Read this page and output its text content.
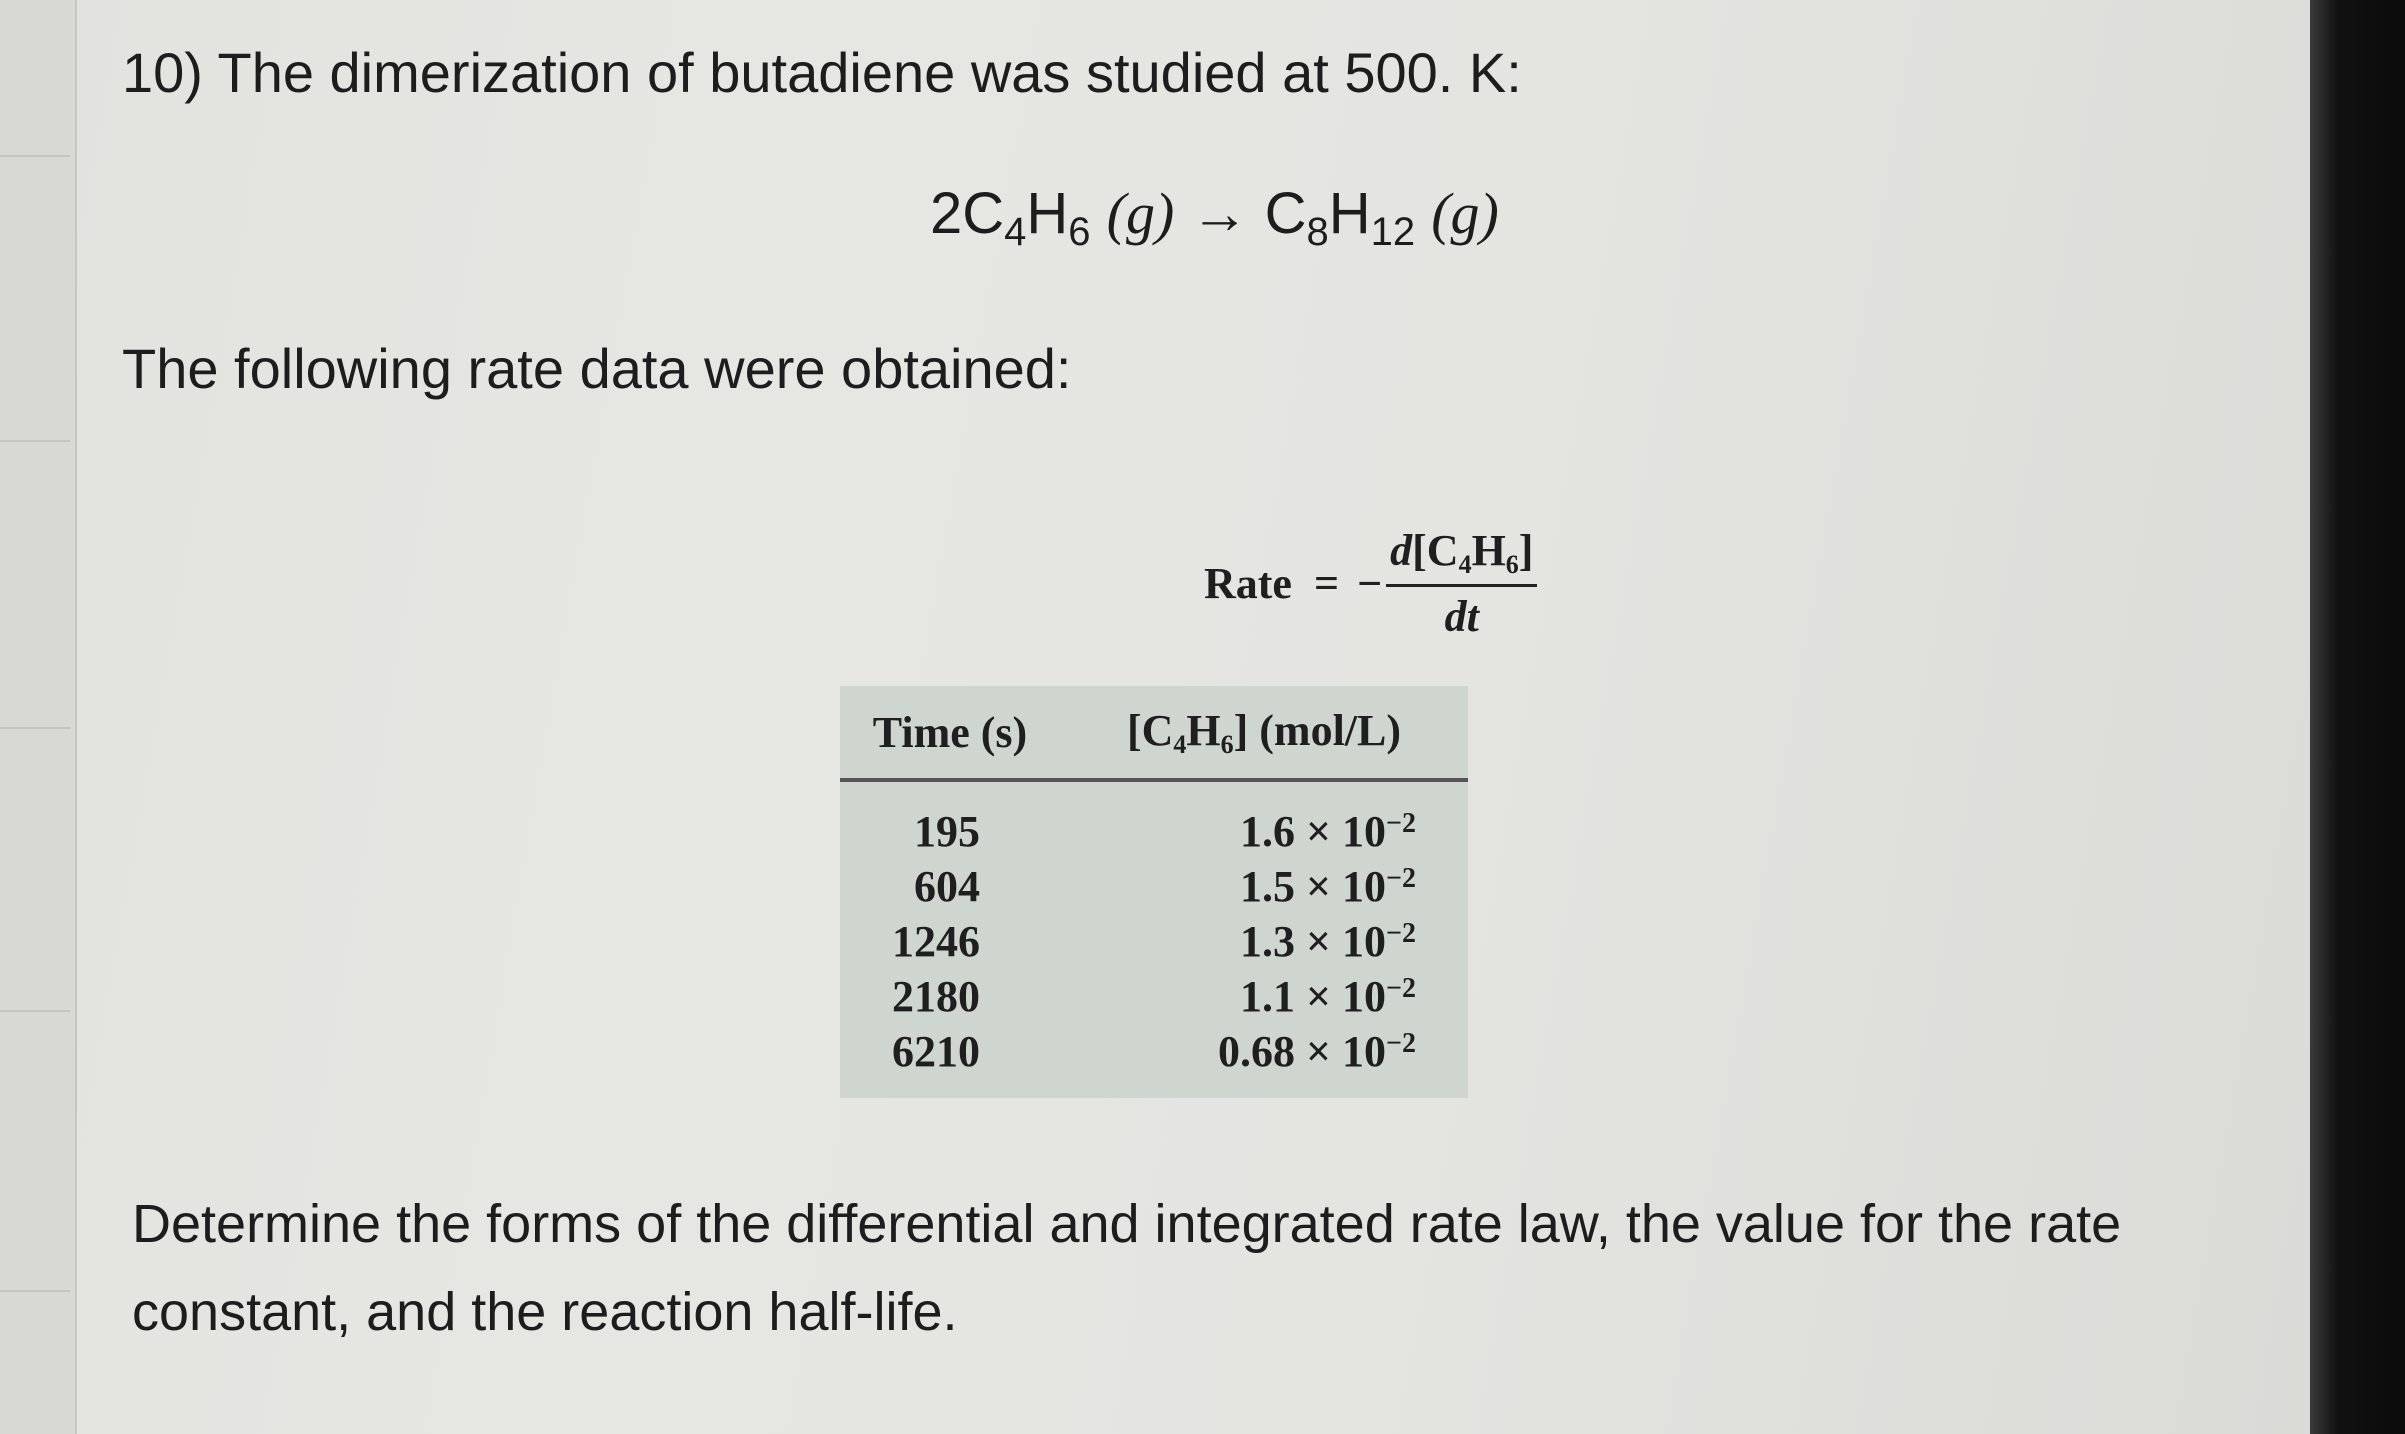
10) The dimerization of butadiene was studied at 500. K:
$2C_4H_6$ $(g) \to C_8H_{12}$ (g)
The following rate data were obtained:
Rate = − $\frac{d[C_4H_6]}{dt}$
Time (s)	$[C_4H_6]$ (mol/L)
195	$1.6 \times 10^{-2}$
604	$1.5 \times 10^{-2}$
1246	$1.3 \times 10^{-2}$
2180	$1.1 \times 10^{-2}$
6210	$0.68 \times 10^{-2}$
Determine the forms of the differential and integrated rate law, the value for the rate constant, and the reaction half-life.
